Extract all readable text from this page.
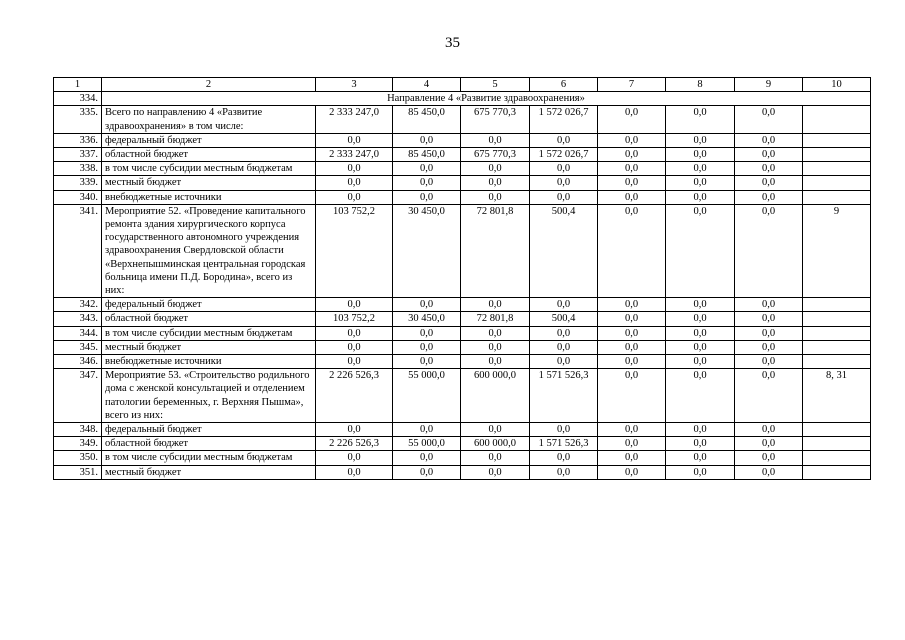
35
1	2	3	4	5	6	7	8	9	10
334.	Направление 4 «Развитие здравоохранения»								
335.	Всего по направлению 4 «Развитие здравоохранения» в том числе:	2 333 247,0	85 450,0	675 770,3	1 572 026,7	0,0	0,0	0,0	
336.	федеральный бюджет	0,0	0,0	0,0	0,0	0,0	0,0	0,0	
337.	областной бюджет	2 333 247,0	85 450,0	675 770,3	1 572 026,7	0,0	0,0	0,0	
338.	в том числе субсидии местным бюджетам	0,0	0,0	0,0	0,0	0,0	0,0	0,0	
339.	местный бюджет	0,0	0,0	0,0	0,0	0,0	0,0	0,0	
340.	внебюджетные источники	0,0	0,0	0,0	0,0	0,0	0,0	0,0	
341.	Мероприятие 52. «Проведение капитального ремонта здания хирургического корпуса государственного автономного учреждения здравоохранения Свердловской области «Верхнепышминская центральная городская больница имени П.Д. Бородина», всего из них:	103 752,2	30 450,0	72 801,8	500,4	0,0	0,0	0,0	9
342.	федеральный бюджет	0,0	0,0	0,0	0,0	0,0	0,0	0,0	
343.	областной бюджет	103 752,2	30 450,0	72 801,8	500,4	0,0	0,0	0,0	
344.	в том числе субсидии местным бюджетам	0,0	0,0	0,0	0,0	0,0	0,0	0,0	
345.	местный бюджет	0,0	0,0	0,0	0,0	0,0	0,0	0,0	
346.	внебюджетные источники	0,0	0,0	0,0	0,0	0,0	0,0	0,0	
347.	Мероприятие 53. «Строительство родильного дома с женской консультацией и отделением патологии беременных, г. Верхняя Пышма», всего из них:	2 226 526,3	55 000,0	600 000,0	1 571 526,3	0,0	0,0	0,0	8, 31
348.	федеральный бюджет	0,0	0,0	0,0	0,0	0,0	0,0	0,0	
349.	областной бюджет	2 226 526,3	55 000,0	600 000,0	1 571 526,3	0,0	0,0	0,0	
350.	в том числе субсидии местным бюджетам	0,0	0,0	0,0	0,0	0,0	0,0	0,0	
351.	местный бюджет	0,0	0,0	0,0	0,0	0,0	0,0	0,0	
